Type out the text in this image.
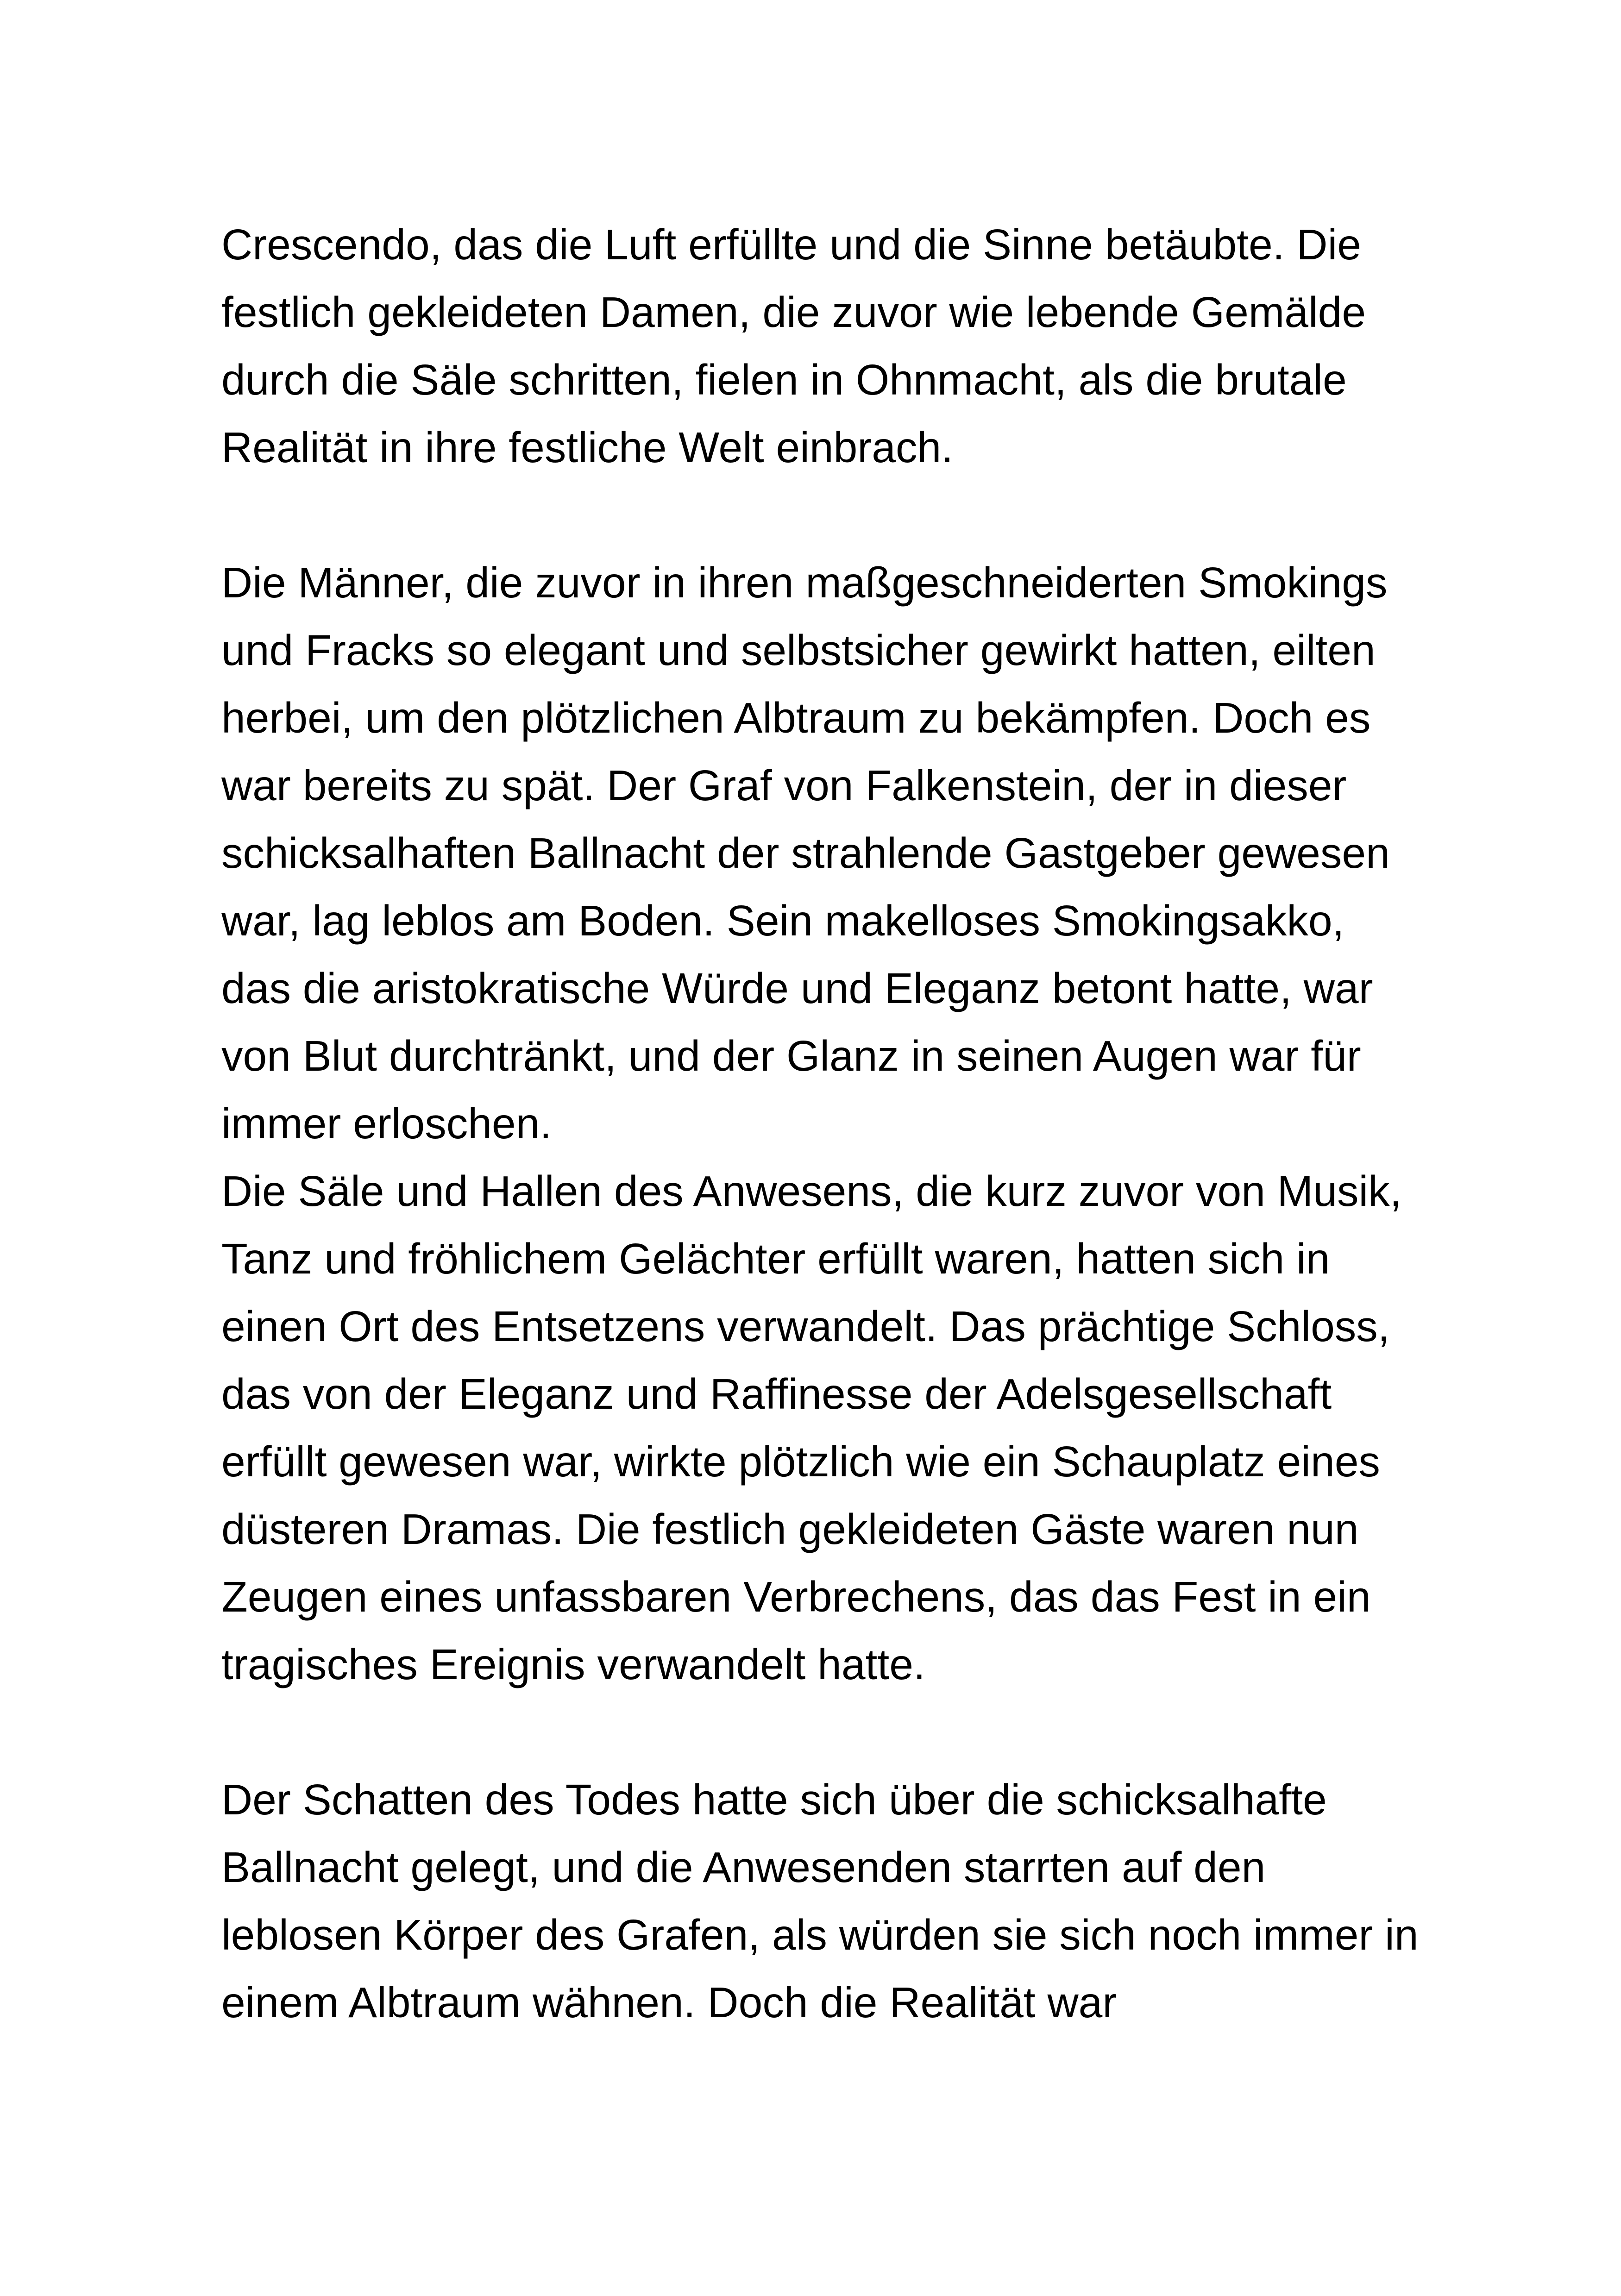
Crescendo, das die Luft erfüllte und die Sinne betäubte. Die
festlich gekleideten Damen, die zuvor wie lebende Gemälde
durch die Säle schritten, fielen in Ohnmacht, als die brutale
Realität in ihre festliche Welt einbrach.
Die Männer, die zuvor in ihren maßgeschneiderten Smokings
und Fracks so elegant und selbstsicher gewirkt hatten, eilten
herbei, um den plötzlichen Albtraum zu bekämpfen. Doch es
war bereits zu spät. Der Graf von Falkenstein, der in dieser
schicksalhaften Ballnacht der strahlende Gastgeber gewesen
war, lag leblos am Boden. Sein makelloses Smokingsakko,
das die aristokratische Würde und Eleganz betont hatte, war
von Blut durchtränkt, und der Glanz in seinen Augen war für
immer erloschen.
Die Säle und Hallen des Anwesens, die kurz zuvor von Musik,
Tanz und fröhlichem Gelächter erfüllt waren, hatten sich in
einen Ort des Entsetzens verwandelt. Das prächtige Schloss,
das von der Eleganz und Raffinesse der Adelsgesellschaft
erfüllt gewesen war, wirkte plötzlich wie ein Schauplatz eines
düsteren Dramas. Die festlich gekleideten Gäste waren nun
Zeugen eines unfassbaren Verbrechens, das das Fest in ein
tragisches Ereignis verwandelt hatte.
Der Schatten des Todes hatte sich über die schicksalhafte
Ballnacht gelegt, und die Anwesenden starrten auf den
leblosen Körper des Grafen, als würden sie sich noch immer in
einem Albtraum wähnen. Doch die Realität war
